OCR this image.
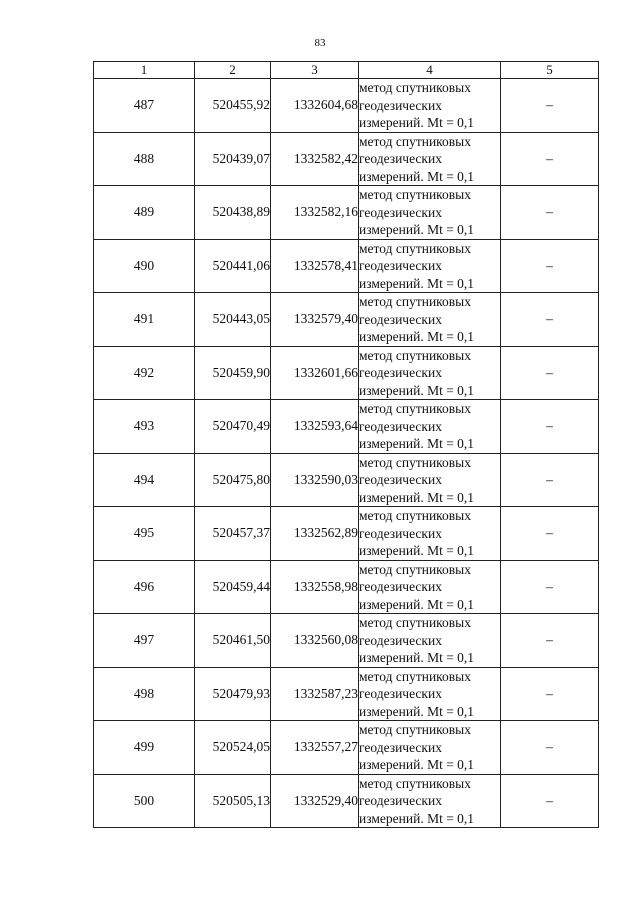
83
1	2	3	4	5
487	520455,92	1332604,68	метод спутниковых
геодезических
измерений. Mt = 0,1	–
488	520439,07	1332582,42	метод спутниковых
геодезических
измерений. Mt = 0,1	–
489	520438,89	1332582,16	метод спутниковых
геодезических
измерений. Mt = 0,1	–
490	520441,06	1332578,41	метод спутниковых
геодезических
измерений. Mt = 0,1	–
491	520443,05	1332579,40	метод спутниковых
геодезических
измерений. Mt = 0,1	–
492	520459,90	1332601,66	метод спутниковых
геодезических
измерений. Mt = 0,1	–
493	520470,49	1332593,64	метод спутниковых
геодезических
измерений. Mt = 0,1	–
494	520475,80	1332590,03	метод спутниковых
геодезических
измерений. Mt = 0,1	–
495	520457,37	1332562,89	метод спутниковых
геодезических
измерений. Mt = 0,1	–
496	520459,44	1332558,98	метод спутниковых
геодезических
измерений. Mt = 0,1	–
497	520461,50	1332560,08	метод спутниковых
геодезических
измерений. Mt = 0,1	–
498	520479,93	1332587,23	метод спутниковых
геодезических
измерений. Mt = 0,1	–
499	520524,05	1332557,27	метод спутниковых
геодезических
измерений. Mt = 0,1	–
500	520505,13	1332529,40	метод спутниковых
геодезических
измерений. Mt = 0,1	–
